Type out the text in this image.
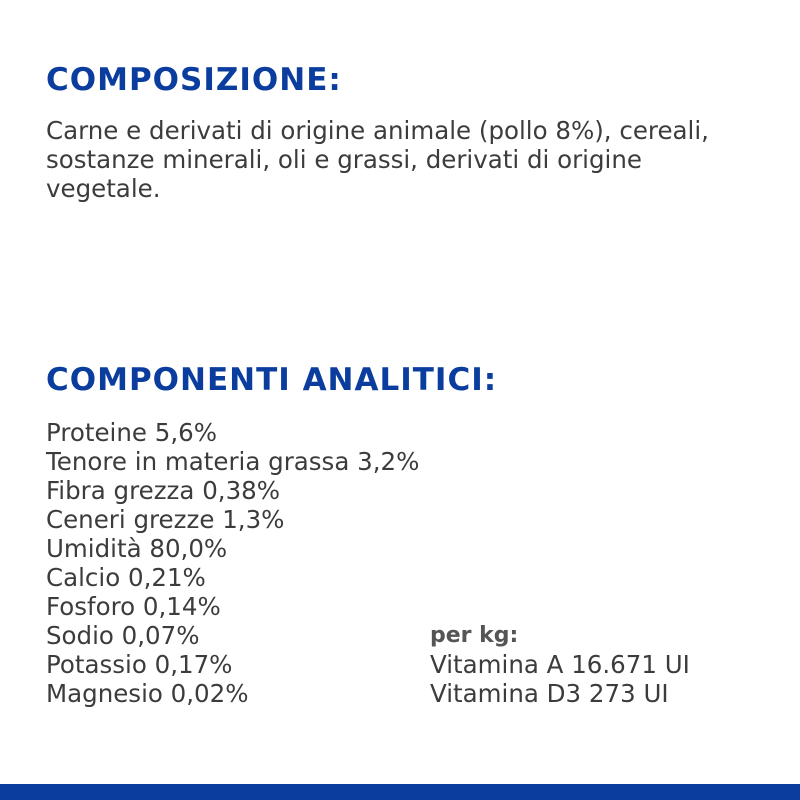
COMPOSIZIONE:

Carne e derivati di origine animale (pollo 8%), cereali, sostanze minerali, oli e grassi, derivati di origine vegetale.

COMPONENTI ANALITICI:
Proteine 5,6%
Tenore in materia grassa 3,2%
Fibra grezza 0,38%
Ceneri grezze 1,3%
Umidità 80,0%
Calcio 0,21%
Fosforo 0,14%
Sodio 0,07%
Potassio 0,17%
Magnesio 0,02%
per kg:
Vitamina A 16.671 UI
Vitamina D3 273 UI
